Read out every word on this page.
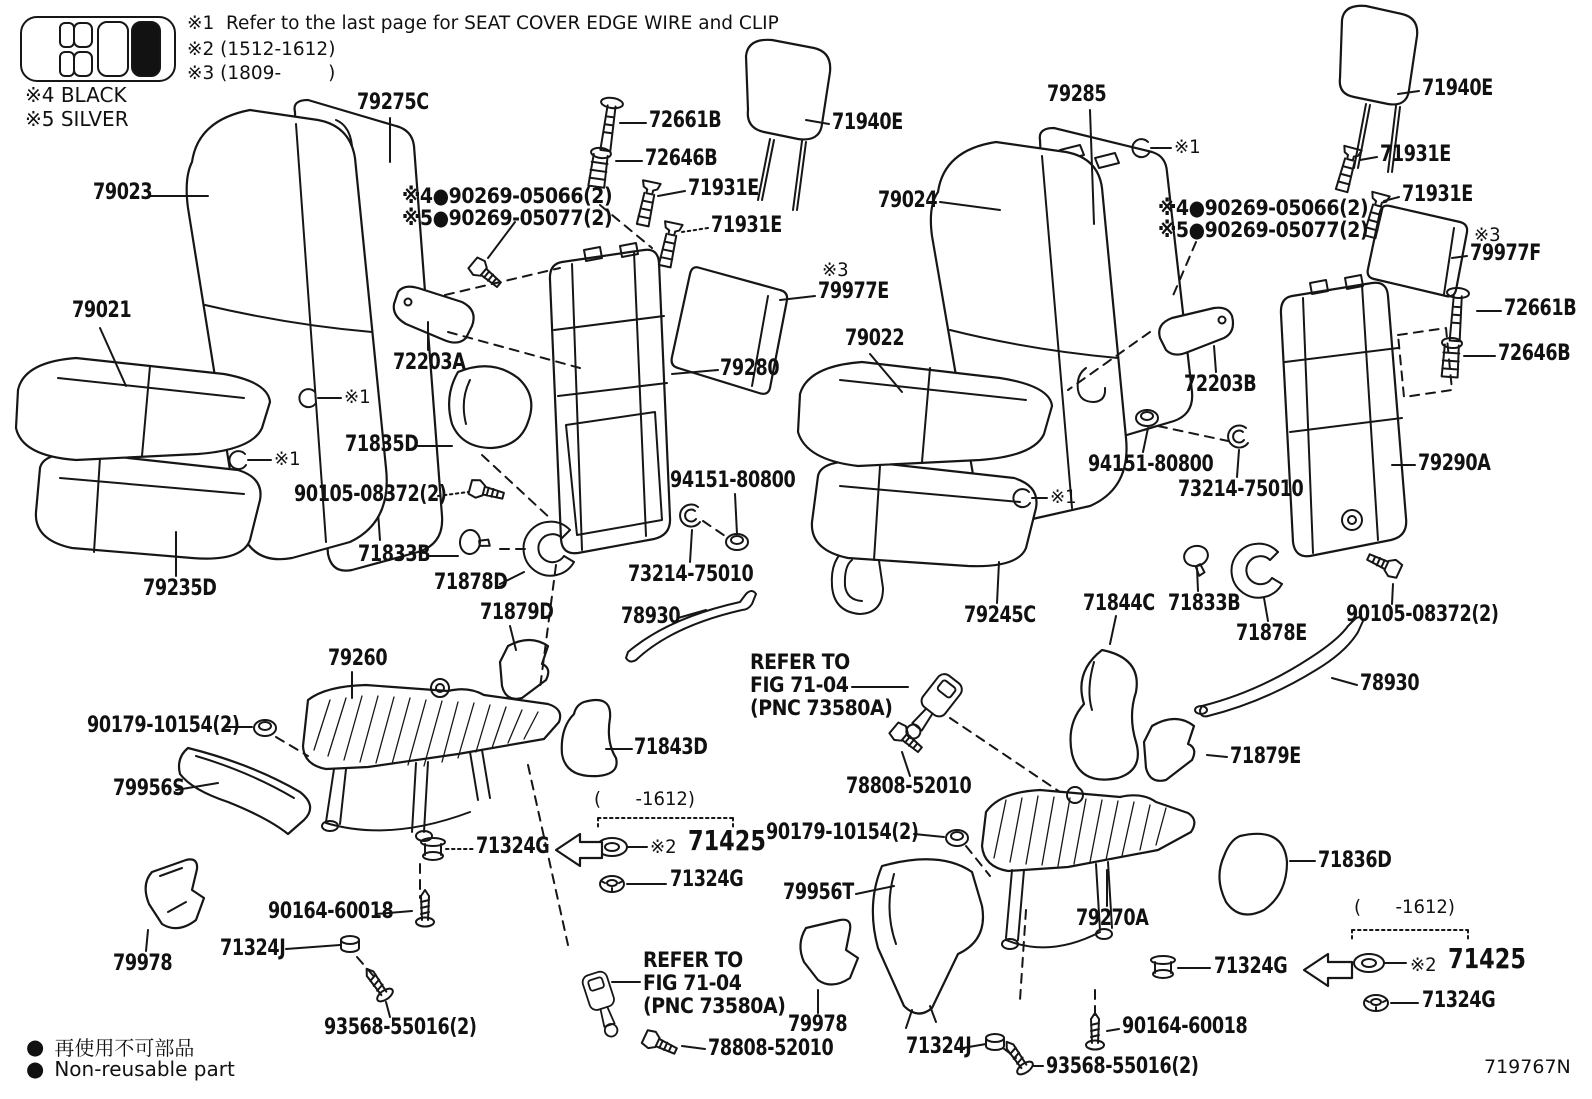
※1  Refer to the last page for SEAT COVER EDGE WIRE and CLIP
※2 (1512-1612)
※3 (1809-        )
※4 BLACK
※5 SILVER
79275C
79023
79021
72661B
72646B
71931E
71931E
71940E
※4●90269-05066(2)
※5●90269-05077(2)
※3
79977E
79280
72203A
79022
79024
79285
※1
※1
71835D
90105-08372(2)
71833B
71878D
94151-80800
73214-75010
79235D
71879D	78930
79260
90179-10154(2)
79956S
71843D
REFER TO
FIG 71-04
(PNC 73580A)
78808-52010
(      -1612)
※2 71425
71324G
71324G
90164-60018
71324J
79978
93568-55016(2)
REFER TO
FIG 71-04
(PNC 73580A)
78808-52010
79978
71940E
※1	71931E
71931E
※4●90269-05066(2)
※5●90269-05077(2)	※3
79977F
72661B
72646B
72203B
94151-80800
73214-75010
※1
79290A
79245C 71844C 71833B
71878E
90105-08372(2)
78930
71879E
90179-10154(2)
79956T
71836D
79270A
71324G
(      -1612)
※2 71425
71324G
90164-60018
71324J
93568-55016(2)
● 再使用不可部品
● Non-reusable part	719767N
